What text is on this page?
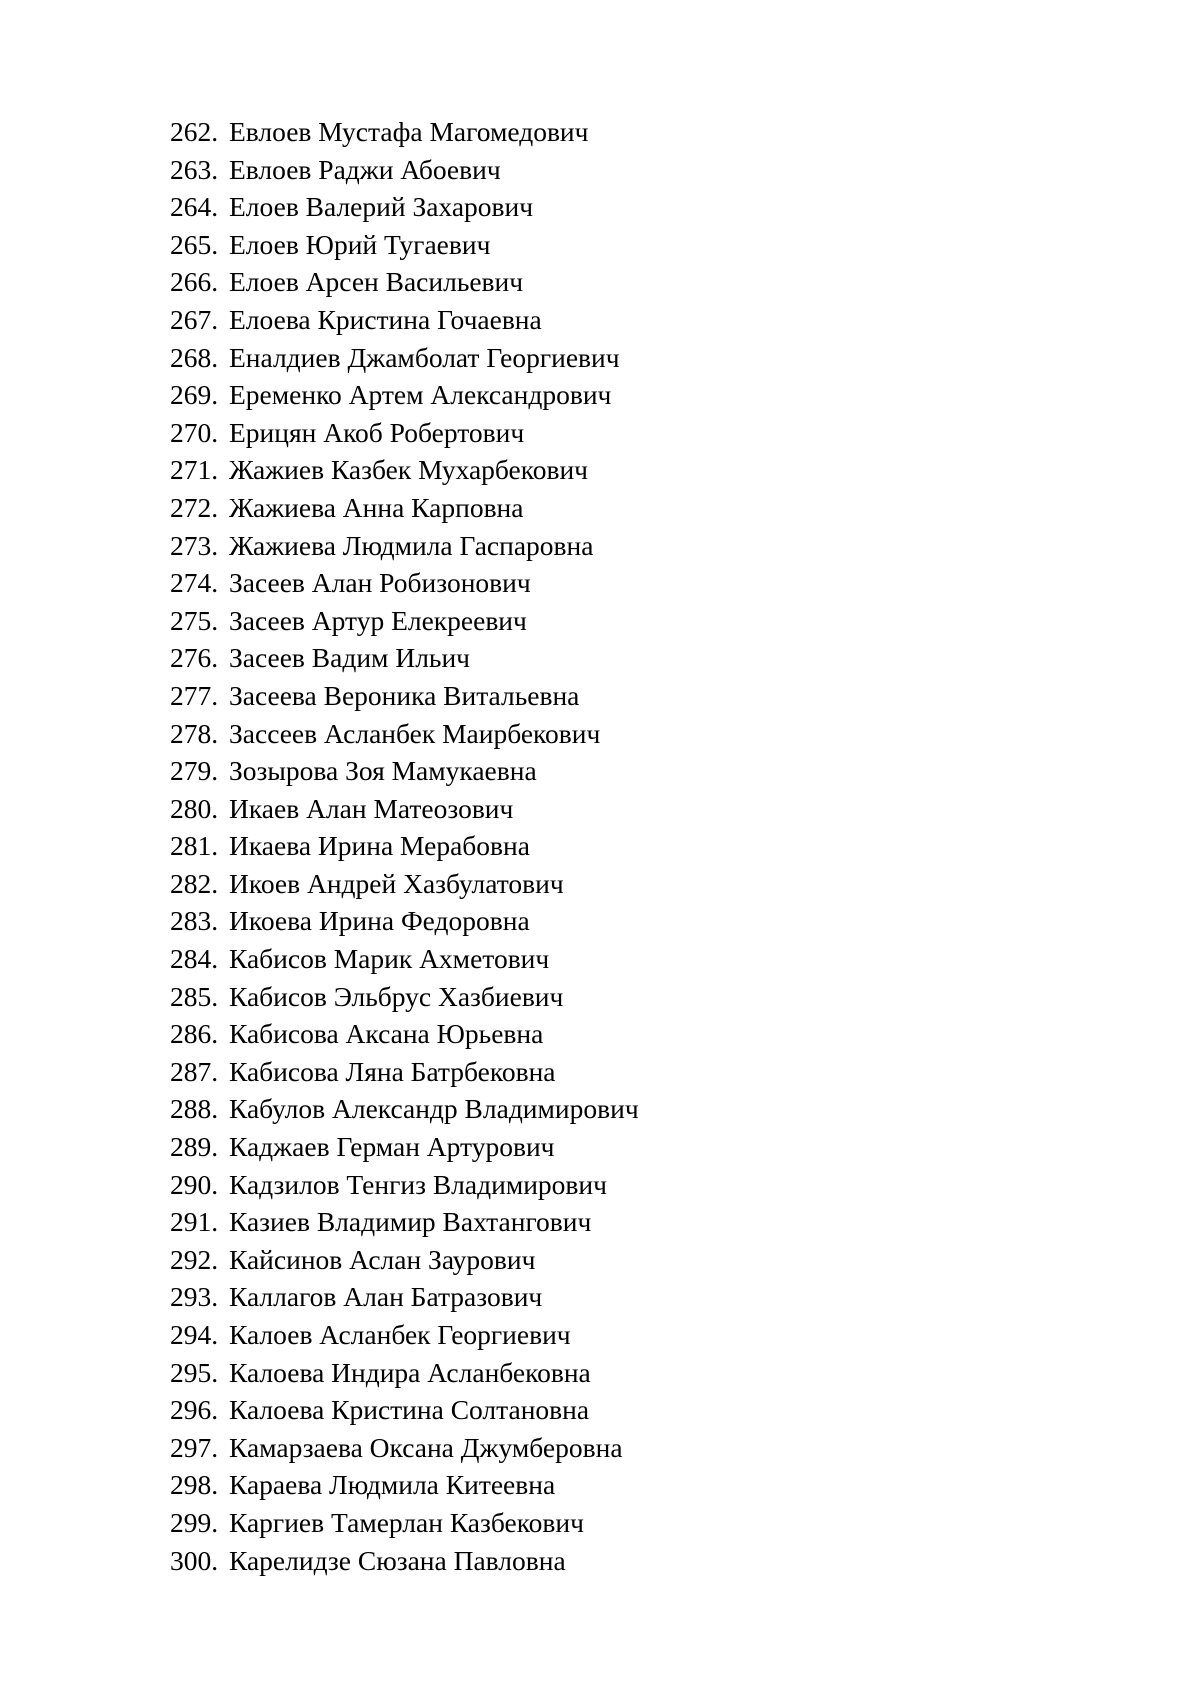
262. Евлоев Мустафа Магомедович
263. Евлоев Раджи Абоевич
264. Елоев Валерий Захарович
265. Елоев Юрий Тугаевич
266. Елоев Арсен Васильевич
267. Елоева Кристина Гочаевна
268. Еналдиев Джамболат Георгиевич
269. Еременко Артем Александрович
270. Ерицян Акоб Робертович
271. Жажиев Казбек Мухарбекович
272. Жажиева Анна Карповна
273. Жажиева Людмила Гаспаровна
274. Засеев Алан Робизонович
275. Засеев Артур Елекреевич
276. Засеев Вадим Ильич
277. Засеева Вероника Витальевна
278. Зассеев Асланбек Маирбекович
279. Зозырова Зоя Мамукаевна
280. Икаев Алан Матеозович
281. Икаева Ирина Мерабовна
282. Икоев Андрей Хазбулатович
283. Икоева Ирина Федоровна
284. Кабисов Марик Ахметович
285. Кабисов Эльбрус Хазбиевич
286. Кабисова Аксана Юрьевна
287. Кабисова Ляна Батрбековна
288. Кабулов Александр Владимирович
289. Каджаев Герман Артурович
290. Кадзилов Тенгиз Владимирович
291. Казиев Владимир Вахтангович
292. Кайсинов Аслан Заурович
293. Каллагов Алан Батразович
294. Калоев Асланбек Георгиевич
295. Калоева Индира Асланбековна
296. Калоева Кристина Солтановна
297. Камарзаева Оксана Джумберовна
298. Караева Людмила Китеевна
299. Каргиев Тамерлан Казбекович
300. Карелидзе Сюзана Павловна
